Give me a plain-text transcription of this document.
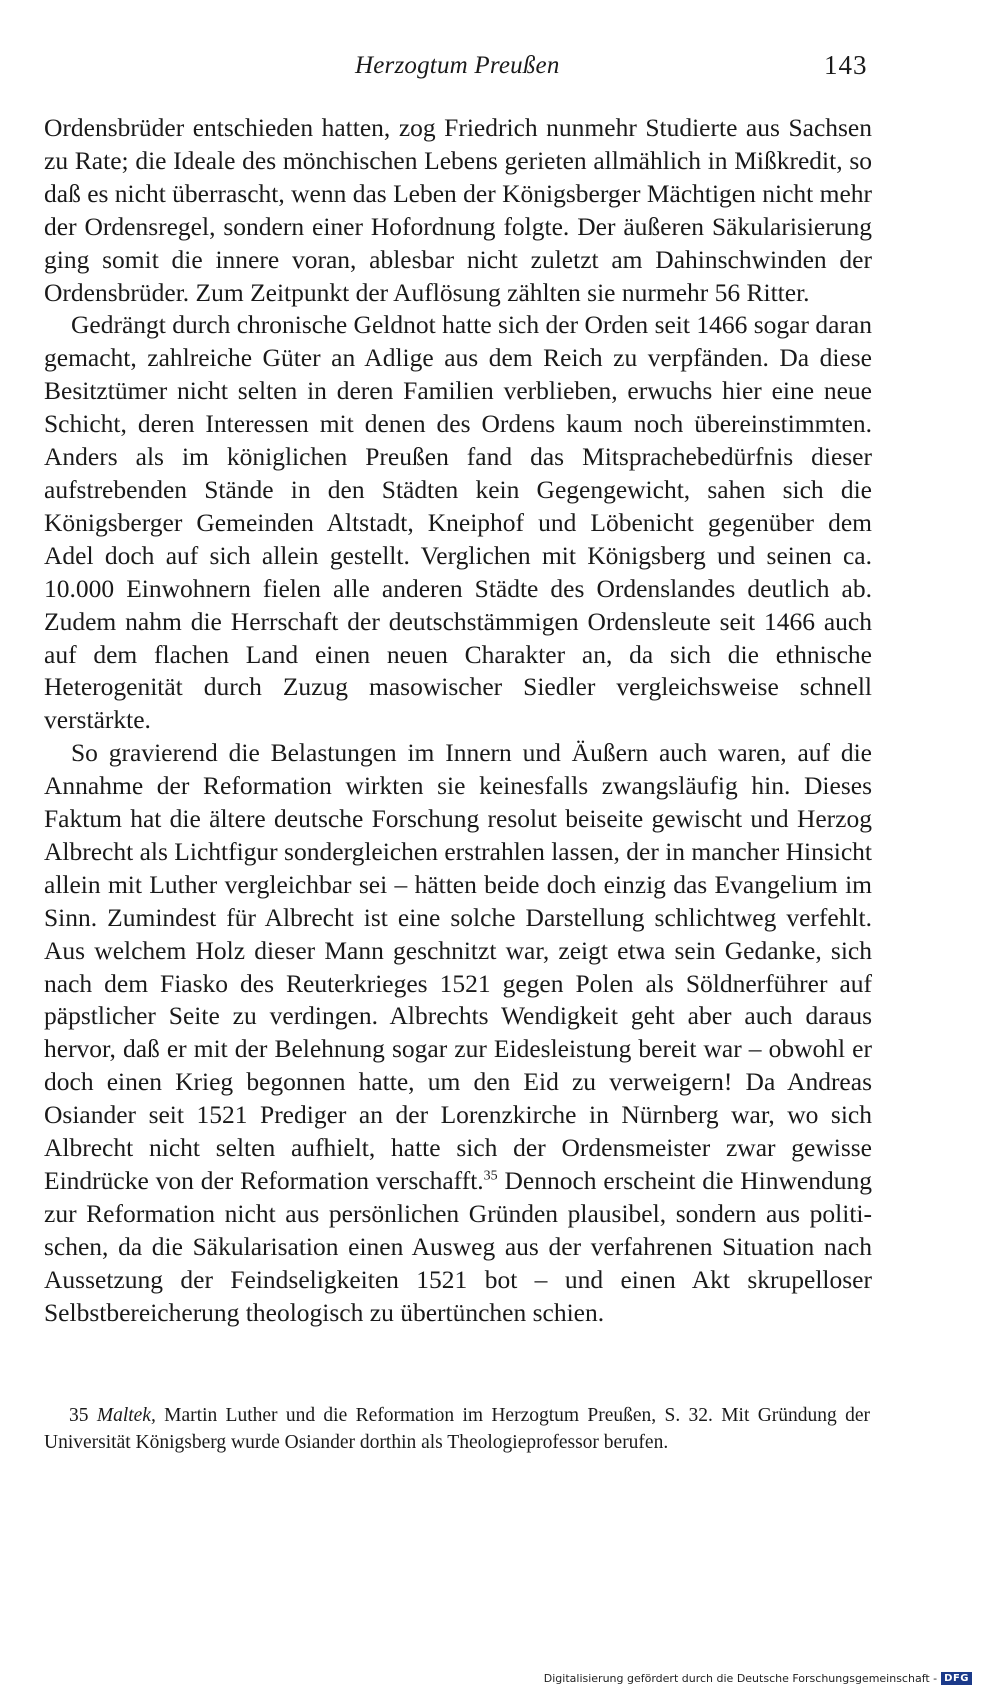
Herzogtum Preußen	143

Ordensbrüder entschieden hatten, zog Friedrich nunmehr Studierte aus Sachsen zu Rate; die Ideale des mönchischen Lebens gerieten allmählich in Mißkredit, so daß es nicht überrascht, wenn das Leben der Königsberger Mächtigen nicht mehr der Ordensregel, sondern einer Hofordnung folgte. Der äußeren Säkularisierung ging somit die innere voran, ablesbar nicht zuletzt am Dahinschwinden der Ordensbrüder. Zum Zeitpunkt der Auflösung zählten sie nurmehr 56 Ritter.

Gedrängt durch chronische Geldnot hatte sich der Orden seit 1466 sogar daran gemacht, zahlreiche Güter an Adlige aus dem Reich zu verpfänden. Da diese Besitztümer nicht selten in deren Familien verblieben, erwuchs hier eine neue Schicht, deren Interessen mit denen des Ordens kaum noch übereinstimmten. Anders als im königlichen Preußen fand das Mitsprachebedürfnis dieser aufstrebenden Stände in den Städten kein Gegengewicht, sahen sich die Königsberger Gemeinden Altstadt, Kneiphof und Löbenicht gegenüber dem Adel doch auf sich allein gestellt. Verglichen mit Königsberg und seinen ca. 10.000 Einwohnern fielen alle anderen Städte des Ordenslandes deutlich ab. Zudem nahm die Herrschaft der deutschstämmigen Ordensleute seit 1466 auch auf dem flachen Land einen neuen Charakter an, da sich die ethnische Heterogenität durch Zuzug masowischer Siedler vergleichsweise schnell verstärkte.

So gravierend die Belastungen im Innern und Äußern auch waren, auf die Annahme der Reformation wirkten sie keinesfalls zwangsläufig hin. Dieses Faktum hat die ältere deutsche Forschung resolut beiseite gewischt und Herzog Albrecht als Lichtfigur sondergleichen erstrahlen lassen, der in mancher Hinsicht allein mit Luther vergleichbar sei – hätten beide doch einzig das Evangelium im Sinn. Zumindest für Albrecht ist eine solche Darstellung schlichtweg verfehlt. Aus welchem Holz dieser Mann geschnitzt war, zeigt etwa sein Gedanke, sich nach dem Fiasko des Reuterkrieges 1521 gegen Polen als Söldnerführer auf päpstlicher Seite zu verdingen. Albrechts Wendigkeit geht aber auch daraus hervor, daß er mit der Belehnung sogar zur Eidesleistung bereit war – obwohl er doch einen Krieg begonnen hatte, um den Eid zu verweigern! Da Andreas Osiander seit 1521 Prediger an der Lorenzkirche in Nürnberg war, wo sich Albrecht nicht selten aufhielt, hatte sich der Ordensmeister zwar gewisse Eindrücke von der Reformation verschafft.$^{35}$ Dennoch erscheint die Hinwendung zur Reformation nicht aus persönlichen Gründen plausibel, sondern aus politischen, da die Säkularisation einen Ausweg aus der verfahrenen Situation nach Aussetzung der Feindseligkeiten 1521 bot – und einen Akt skrupelloser Selbstbereicherung theologisch zu übertünchen schien.

35 Maltek, Martin Luther und die Reformation im Herzogtum Preußen, S. 32. Mit Gründung der Universität Königsberg wurde Osiander dorthin als Theologieprofessor berufen.

Digitalisierung gefördert durch die Deutsche Forschungsgemeinschaft - DFG
